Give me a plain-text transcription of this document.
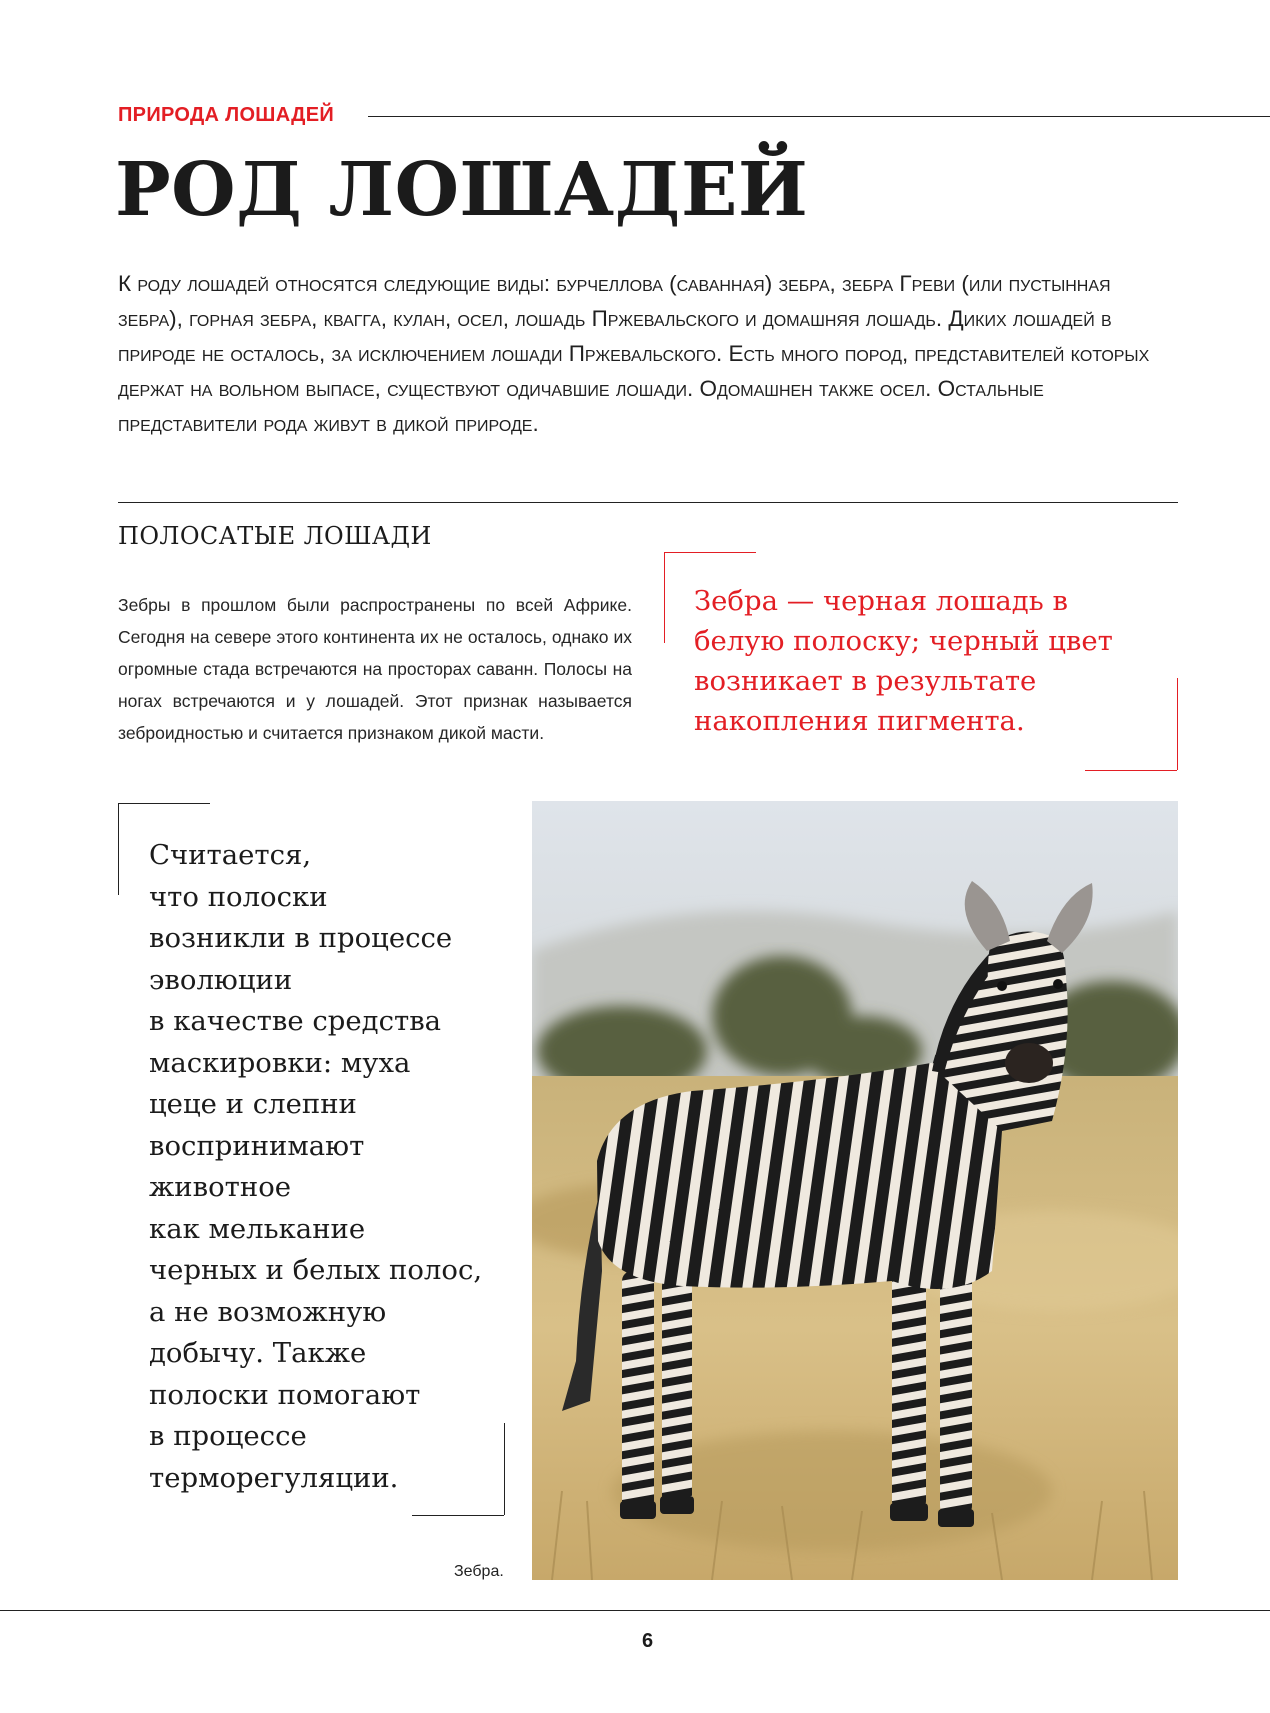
ПРИРОДА ЛОШАДЕЙ
РОД ЛОШАДЕЙ
К роду лошадей относятся следующие виды: бурчеллова (саванная) зебра, зебра Греви (или пустынная зебра), горная зебра, квагга, кулан, осел, лошадь Пржевальского и домашняя лошадь. Диких лошадей в природе не осталось, за исключением лошади Пржевальского. Есть много пород, представителей которых держат на вольном выпасе, существуют одичавшие лошади. Одомашнен также осел. Остальные представители рода живут в дикой природе.
ПОЛОСАТЫЕ ЛОШАДИ
Зебры в прошлом были распространены по всей Африке. Сегодня на севере этого континента их не осталось, однако их огромные стада встречаются на просторах саванн. Полосы на ногах встречаются и у лошадей. Этот признак называется зеброидностью и считается признаком дикой масти.
Зебра — черная лошадь в белую полоску; черный цвет возникает в результате накопления пигмента.
Считается,
что полоски
возникли в процессе
эволюции
в качестве средства
маскировки: муха
цеце и слепни
воспринимают
животное
как мелькание
черных и белых полос,
а не возможную
добычу. Также
полоски помогают
в процессе
терморегуляции.
Зебра.
6
